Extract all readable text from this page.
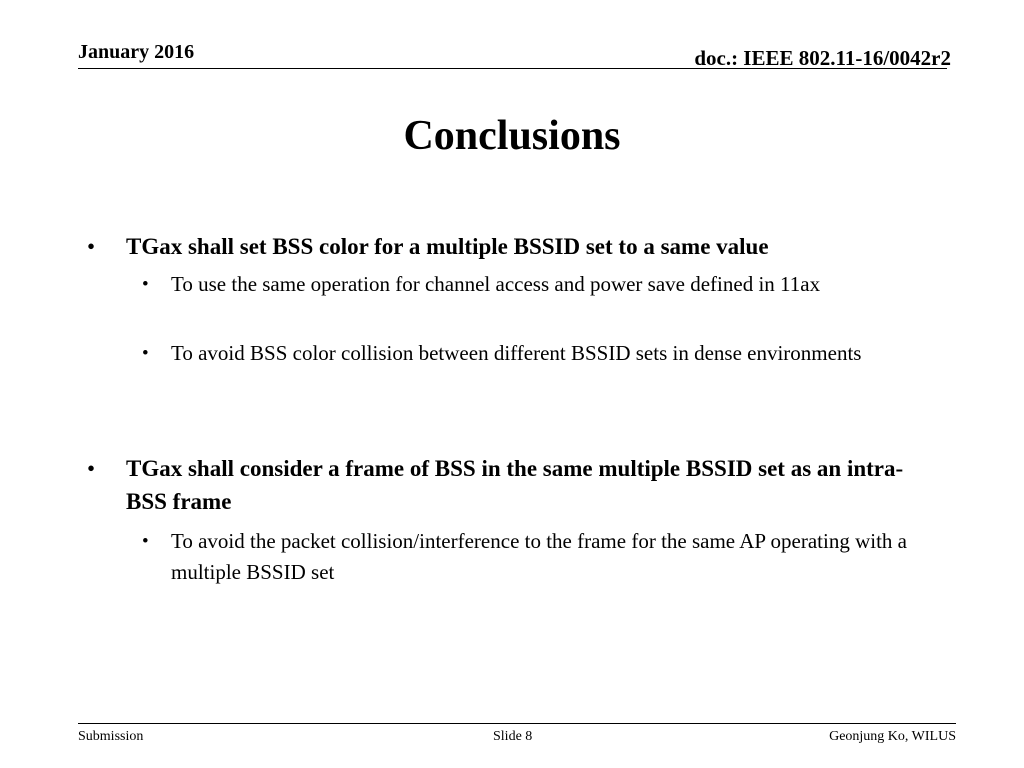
January 2016	doc.: IEEE 802.11-16/0042r2
Conclusions
• TGax shall set BSS color for a multiple BSSID set to a same value
• To use the same operation for channel access and power save defined in 11ax
• To avoid BSS color collision between different BSSID sets in dense environments
• TGax shall consider a frame of BSS in the same multiple BSSID set as an intra-BSS frame
• To avoid the packet collision/interference to the frame for the same AP operating with a multiple BSSID set
Submission	Slide 8	Geonjung Ko, WILUS
